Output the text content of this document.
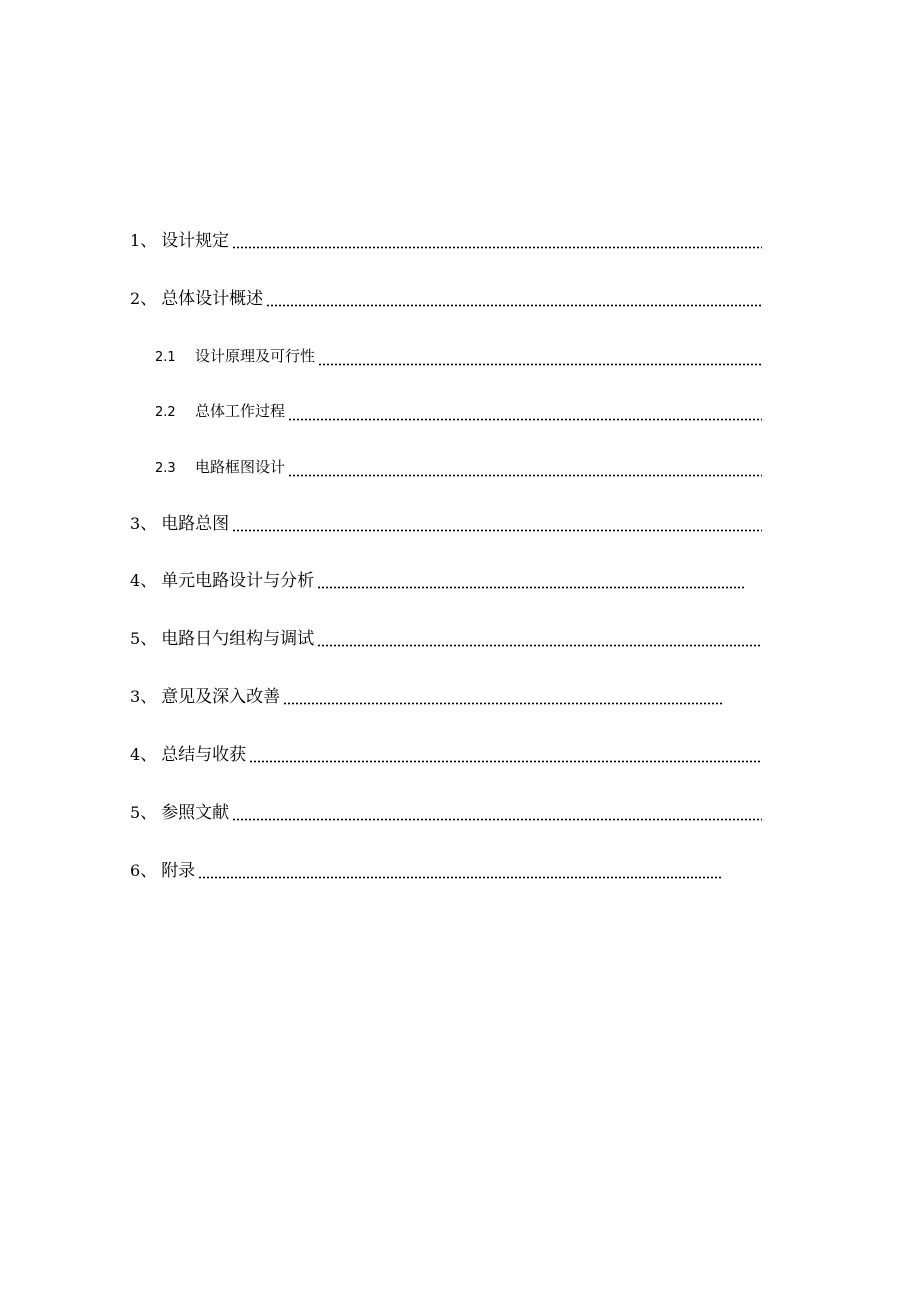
1 、 设计规定
2 、 总体设计概述
2.1	设计原理及可行性
2.2	总体工作过程
2.3	电路框图设计
3 、 电路总图
4 、 单元电路设计与分析
5 、 电路日勺组构与调试
3 、 意见及深入改善
4 、 总结与收获
5 、 参照文献
6 、 附录
